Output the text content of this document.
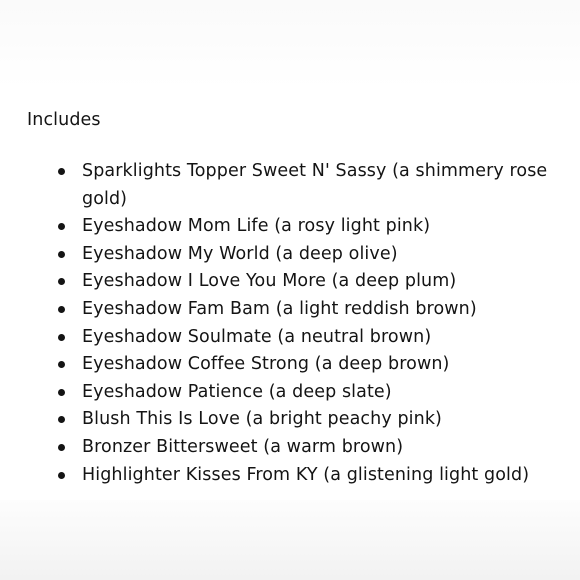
Includes
Sparklights Topper Sweet N' Sassy (a shimmery rose gold)
Eyeshadow Mom Life (a rosy light pink)
Eyeshadow My World (a deep olive)
Eyeshadow I Love You More (a deep plum)
Eyeshadow Fam Bam (a light reddish brown)
Eyeshadow Soulmate (a neutral brown)
Eyeshadow Coffee Strong (a deep brown)
Eyeshadow Patience (a deep slate)
Blush This Is Love (a bright peachy pink)
Bronzer Bittersweet (a warm brown)
Highlighter Kisses From KY (a glistening light gold)
